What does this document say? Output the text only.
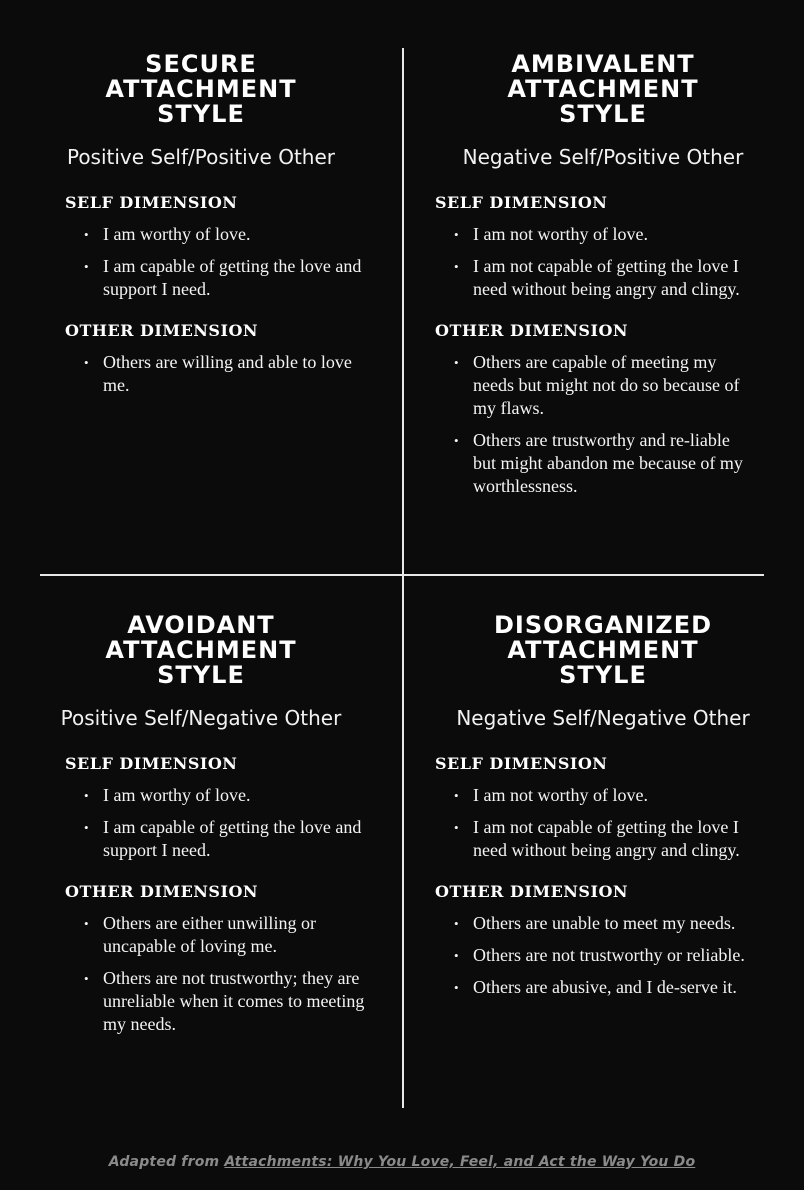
SECURE
ATTACHMENT
STYLE
Positive Self/Positive Other
SELF DIMENSION
• I am worthy of love.
• I am capable of getting the love and support I need.
OTHER DIMENSION
• Others are willing and able to love me.
AMBIVALENT
ATTACHMENT
STYLE
Negative Self/Positive Other
SELF DIMENSION
• I am not worthy of love.
• I am not capable of getting the love I need without being angry and clingy.
OTHER DIMENSION
• Others are capable of meeting my needs but might not do so because of my flaws.
• Others are trustworthy and re-liable but might abandon me because of my worthlessness.
AVOIDANT
ATTACHMENT
STYLE
Positive Self/Negative Other
SELF DIMENSION
• I am worthy of love.
• I am capable of getting the love and support I need.
OTHER DIMENSION
• Others are either unwilling or uncapable of loving me.
• Others are not trustworthy; they are unreliable when it comes to meeting my needs.
DISORGANIZED
ATTACHMENT
STYLE
Negative Self/Negative Other
SELF DIMENSION
• I am not worthy of love.
• I am not capable of getting the love I need without being angry and clingy.
OTHER DIMENSION
• Others are unable to meet my needs.
• Others are not trustworthy or reliable.
• Others are abusive, and I de-serve it.
Adapted from Attachments: Why You Love, Feel, and Act the Way You Do
